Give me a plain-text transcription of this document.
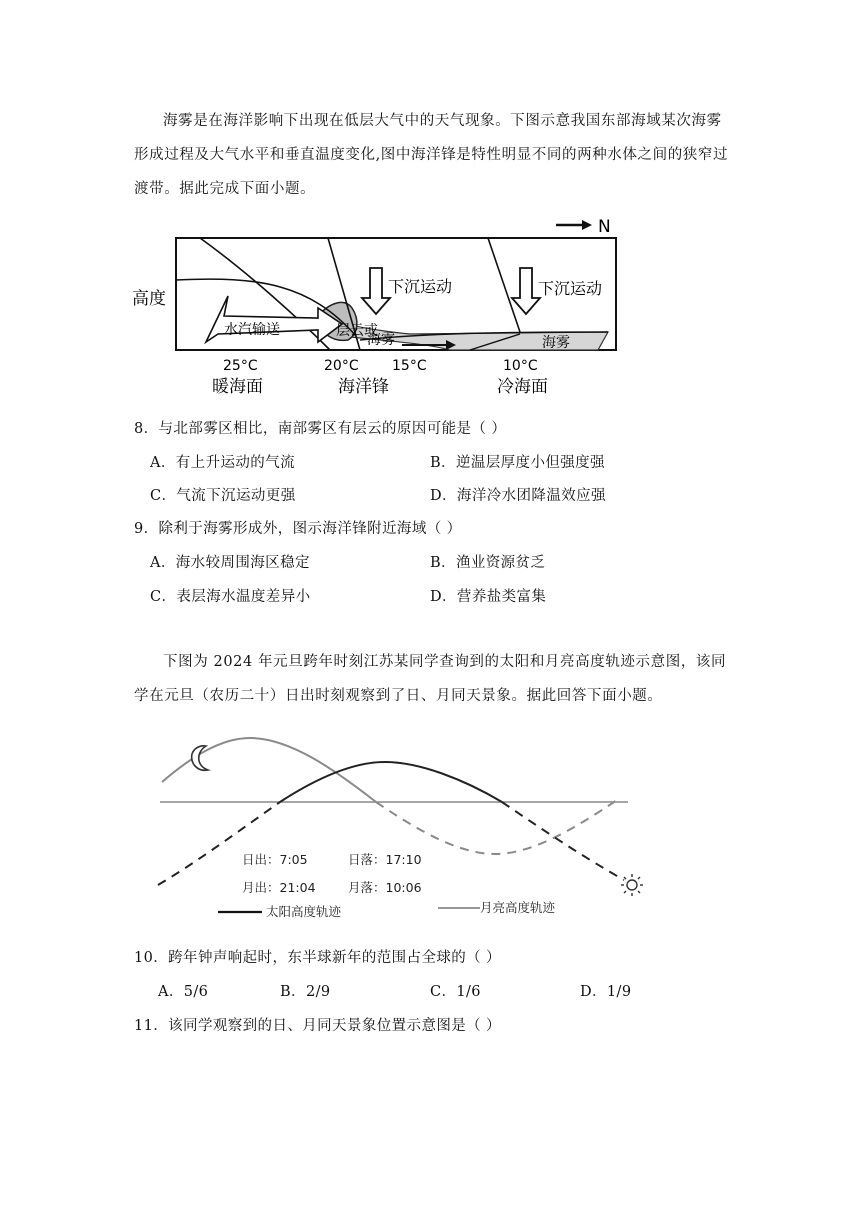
海雾是在海洋影响下出现在低层大气中的天气现象。下图示意我国东部海域某次海雾形成过程及大气水平和垂直温度变化,图中海洋锋是特性明显不同的两种水体之间的狭窄过渡带。据此完成下面小题。
N
高度
水汽输送	层云或
海雾	海雾
下沉运动	下沉运动
25°C	20°C 15°C	10°C
暖海面	海洋锋	冷海面
8．与北部雾区相比，南部雾区有层云的原因可能是（ ）
A．有上升运动的气流	B．逆温层厚度小但强度强
C．气流下沉运动更强	D．海洋冷水团降温效应强
9．除利于海雾形成外，图示海洋锋附近海域（ ）
A．海水较周围海区稳定	B．渔业资源贫乏
C．表层海水温度差异小	D．营养盐类富集
下图为 2024 年元旦跨年时刻江苏某同学查询到的太阳和月亮高度轨迹示意图，该同学在元旦（农历二十）日出时刻观察到了日、月同天景象。据此回答下面小题。
日出：7:05	日落：17:10
月出：21:04	月落：10:06
太阳高度轨迹	月亮高度轨迹
10．跨年钟声响起时，东半球新年的范围占全球的（ ）
A．5/6	B．2/9	C．1/6	D．1/9
11．该同学观察到的日、月同天景象位置示意图是（ ）
